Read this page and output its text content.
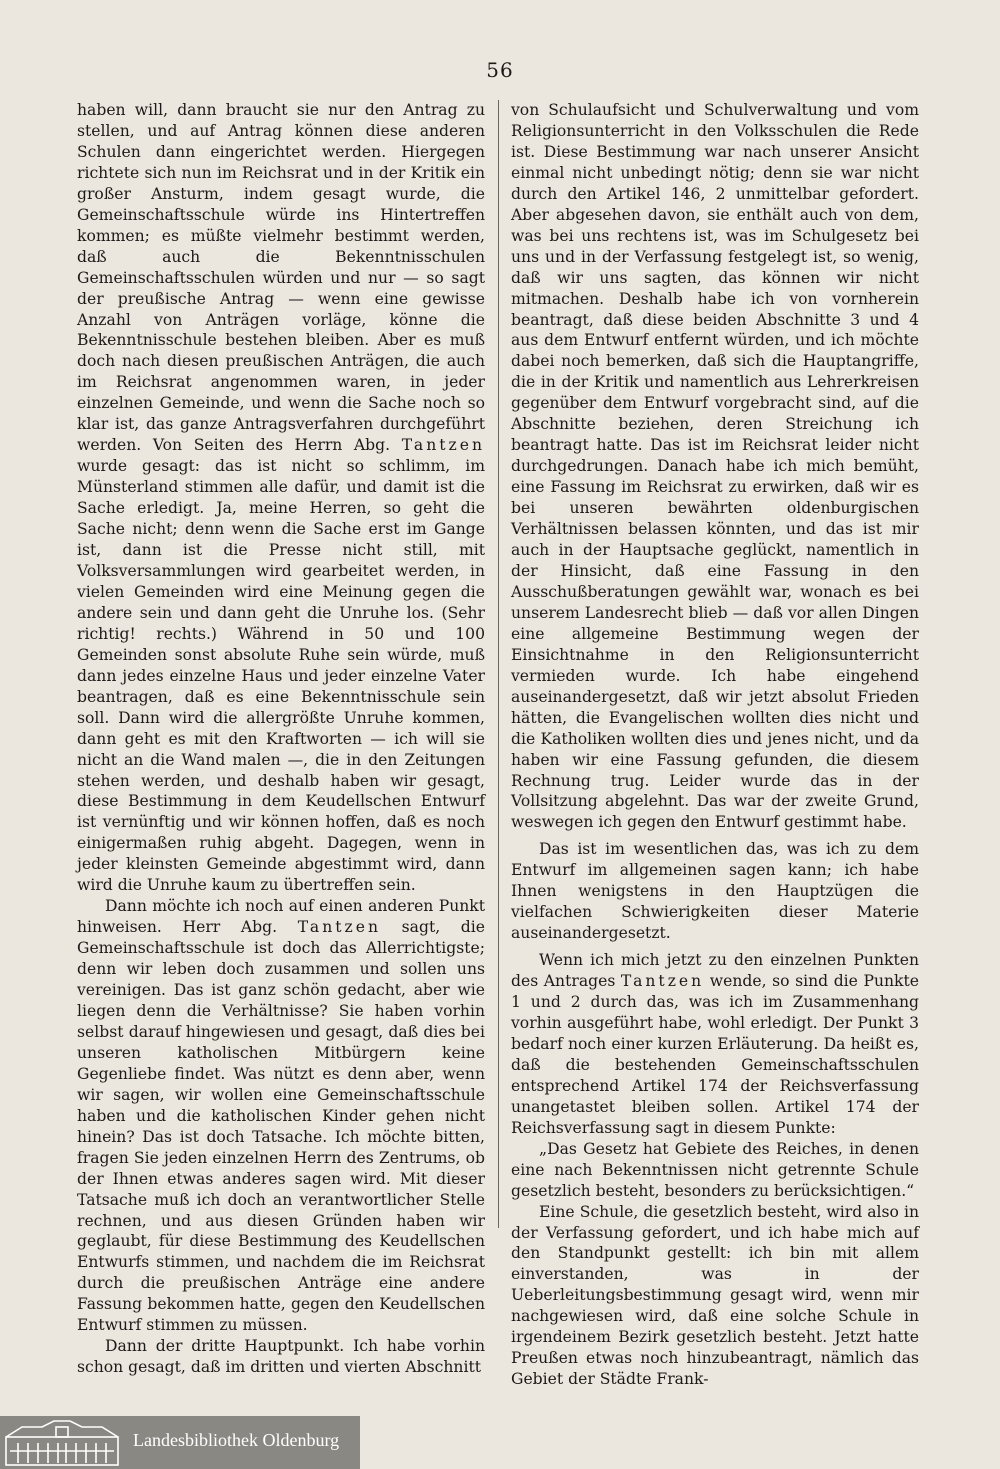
56

haben will, dann braucht sie nur den Antrag zu stellen, und auf Antrag können diese anderen Schulen dann eingerichtet werden. Hiergegen richtete sich nun im Reichsrat und in der Kritik ein großer Ansturm, indem gesagt wurde, die Gemeinschaftsschule würde ins Hintertreffen kommen; es müßte vielmehr bestimmt werden, daß auch die Bekenntnisschulen Gemeinschaftsschulen würden und nur — so sagt der preußische Antrag — wenn eine gewisse Anzahl von Anträgen vorläge, könne die Bekenntnisschule bestehen bleiben. Aber es muß doch nach diesen preußischen Anträgen, die auch im Reichsrat angenommen waren, in jeder einzelnen Gemeinde, und wenn die Sache noch so klar ist, das ganze Antragsverfahren durchgeführt werden. Von Seiten des Herrn Abg. Tantzen wurde gesagt: das ist nicht so schlimm, im Münsterland stimmen alle dafür, und damit ist die Sache erledigt. Ja, meine Herren, so geht die Sache nicht; denn wenn die Sache erst im Gange ist, dann ist die Presse nicht still, mit Volksversammlungen wird gearbeitet werden, in vielen Gemeinden wird eine Meinung gegen die andere sein und dann geht die Unruhe los. (Sehr richtig! rechts.) Während in 50 und 100 Gemeinden sonst absolute Ruhe sein würde, muß dann jedes einzelne Haus und jeder einzelne Vater beantragen, daß es eine Bekenntnisschule sein soll. Dann wird die allergrößte Unruhe kommen, dann geht es mit den Kraftworten — ich will sie nicht an die Wand malen —, die in den Zeitungen stehen werden, und deshalb haben wir gesagt, diese Bestimmung in dem Keudellschen Entwurf ist vernünftig und wir können hoffen, daß es noch einigermaßen ruhig abgeht. Dagegen, wenn in jeder kleinsten Gemeinde abgestimmt wird, dann wird die Unruhe kaum zu übertreffen sein.

Dann möchte ich noch auf einen anderen Punkt hinweisen. Herr Abg. Tantzen sagt, die Gemeinschaftsschule ist doch das Allerrichtigste; denn wir leben doch zusammen und sollen uns vereinigen. Das ist ganz schön gedacht, aber wie liegen denn die Verhältnisse? Sie haben vorhin selbst darauf hingewiesen und gesagt, daß dies bei unseren katholischen Mitbürgern keine Gegenliebe findet. Was nützt es denn aber, wenn wir sagen, wir wollen eine Gemeinschaftsschule haben und die katholischen Kinder gehen nicht hinein? Das ist doch Tatsache. Ich möchte bitten, fragen Sie jeden einzelnen Herrn des Zentrums, ob der Ihnen etwas anderes sagen wird. Mit dieser Tatsache muß ich doch an verantwortlicher Stelle rechnen, und aus diesen Gründen haben wir geglaubt, für diese Bestimmung des Keudellschen Entwurfs stimmen, und nachdem die im Reichsrat durch die preußischen Anträge eine andere Fassung bekommen hatte, gegen den Keudellschen Entwurf stimmen zu müssen.

Dann der dritte Hauptpunkt. Ich habe vorhin schon gesagt, daß im dritten und vierten Abschnitt

von Schulaufsicht und Schulverwaltung und vom Religionsunterricht in den Volksschulen die Rede ist. Diese Bestimmung war nach unserer Ansicht einmal nicht unbedingt nötig; denn sie war nicht durch den Artikel 146, 2 unmittelbar gefordert. Aber abgesehen davon, sie enthält auch von dem, was bei uns rechtens ist, was im Schulgesetz bei uns und in der Verfassung festgelegt ist, so wenig, daß wir uns sagten, das können wir nicht mitmachen. Deshalb habe ich von vornherein beantragt, daß diese beiden Abschnitte 3 und 4 aus dem Entwurf entfernt würden, und ich möchte dabei noch bemerken, daß sich die Hauptangriffe, die in der Kritik und namentlich aus Lehrerkreisen gegenüber dem Entwurf vorgebracht sind, auf die Abschnitte beziehen, deren Streichung ich beantragt hatte. Das ist im Reichsrat leider nicht durchgedrungen. Danach habe ich mich bemüht, eine Fassung im Reichsrat zu erwirken, daß wir es bei unseren bewährten oldenburgischen Verhältnissen belassen könnten, und das ist mir auch in der Hauptsache geglückt, namentlich in der Hinsicht, daß eine Fassung in den Ausschußberatungen gewählt war, wonach es bei unserem Landesrecht blieb — daß vor allen Dingen eine allgemeine Bestimmung wegen der Einsichtnahme in den Religionsunterricht vermieden wurde. Ich habe eingehend auseinandergesetzt, daß wir jetzt absolut Frieden hätten, die Evangelischen wollten dies nicht und die Katholiken wollten dies und jenes nicht, und da haben wir eine Fassung gefunden, die diesem Rechnung trug. Leider wurde das in der Vollsitzung abgelehnt. Das war der zweite Grund, weswegen ich gegen den Entwurf gestimmt habe.

Das ist im wesentlichen das, was ich zu dem Entwurf im allgemeinen sagen kann; ich habe Ihnen wenigstens in den Hauptzügen die vielfachen Schwierigkeiten dieser Materie auseinandergesetzt.

Wenn ich mich jetzt zu den einzelnen Punkten des Antrages Tantzen wende, so sind die Punkte 1 und 2 durch das, was ich im Zusammenhang vorhin ausgeführt habe, wohl erledigt. Der Punkt 3 bedarf noch einer kurzen Erläuterung. Da heißt es, daß die bestehenden Gemeinschaftsschulen entsprechend Artikel 174 der Reichsverfassung unangetastet bleiben sollen. Artikel 174 der Reichsverfassung sagt in diesem Punkte:

„Das Gesetz hat Gebiete des Reiches, in denen eine nach Bekenntnissen nicht getrennte Schule gesetzlich besteht, besonders zu berücksichtigen.“

Eine Schule, die gesetzlich besteht, wird also in der Verfassung gefordert, und ich habe mich auf den Standpunkt gestellt: ich bin mit allem einverstanden, was in der Ueberleitungsbestimmung gesagt wird, wenn mir nachgewiesen wird, daß eine solche Schule in irgendeinem Bezirk gesetzlich besteht. Jetzt hatte Preußen etwas noch hinzubeantragt, nämlich das Gebiet der Städte Frank-

Landesbibliothek Oldenburg
